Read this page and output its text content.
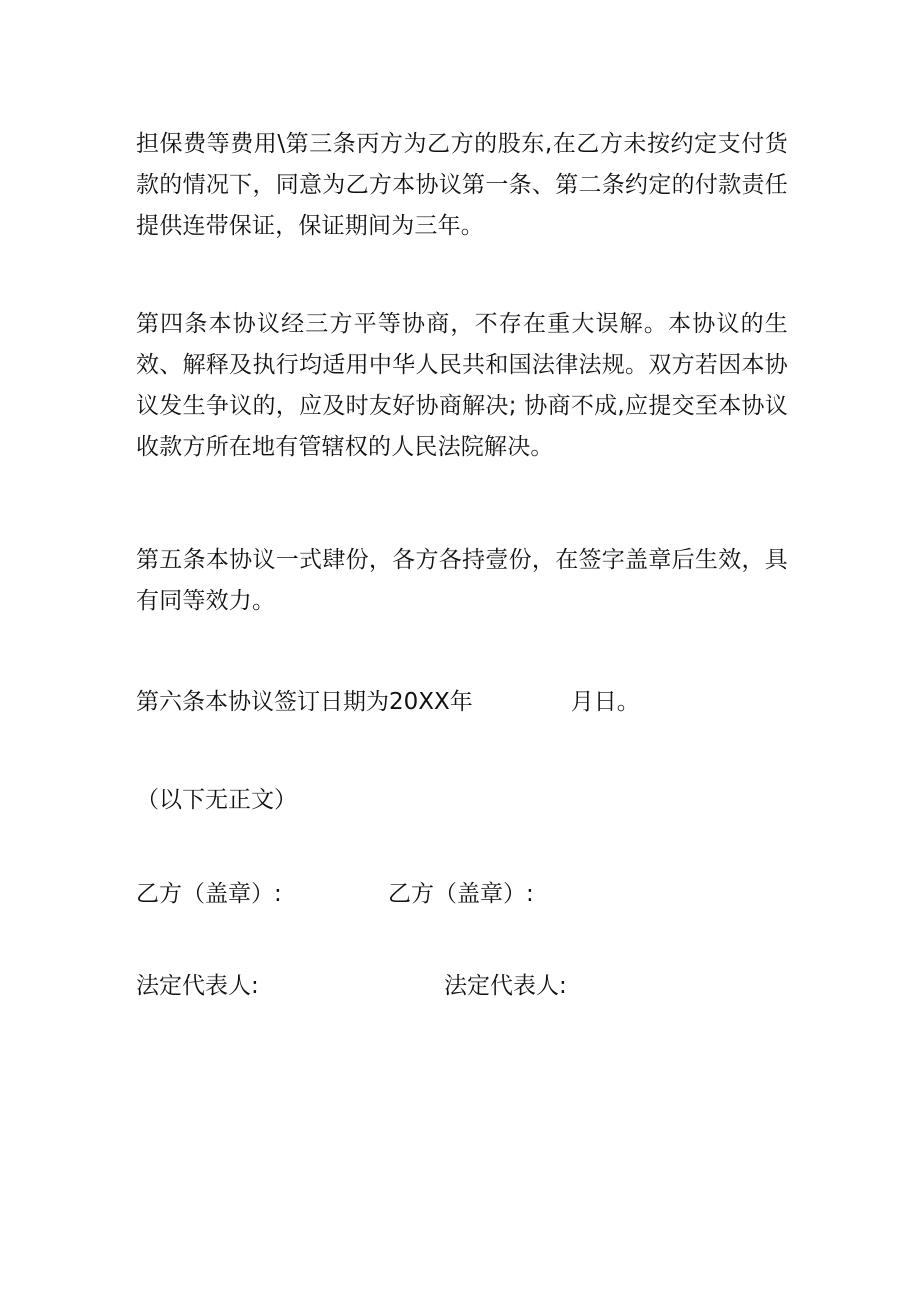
担保费等费用\第三条丙方为乙方的股东,在乙方未按约定支付货款的情况下，同意为乙方本协议第一条、第二条约定的付款责任提供连带保证，保证期间为三年。

第四条本协议经三方平等协商，不存在重大误解。本协议的生效、解释及执行均适用中华人民共和国法律法规。双方若因本协议发生争议的，应及时友好协商解决; 协商不成,应提交至本协议收款方所在地有管辖权的人民法院解决。

第五条本协议一式肆份，各方各持壹份，在签字盖章后生效，具有同等效力。

第六条本协议签订日期为20XX年	月日。

（以下无正文）

乙方（盖章）:	乙方（盖章）:

法定代表人:	法定代表人:
